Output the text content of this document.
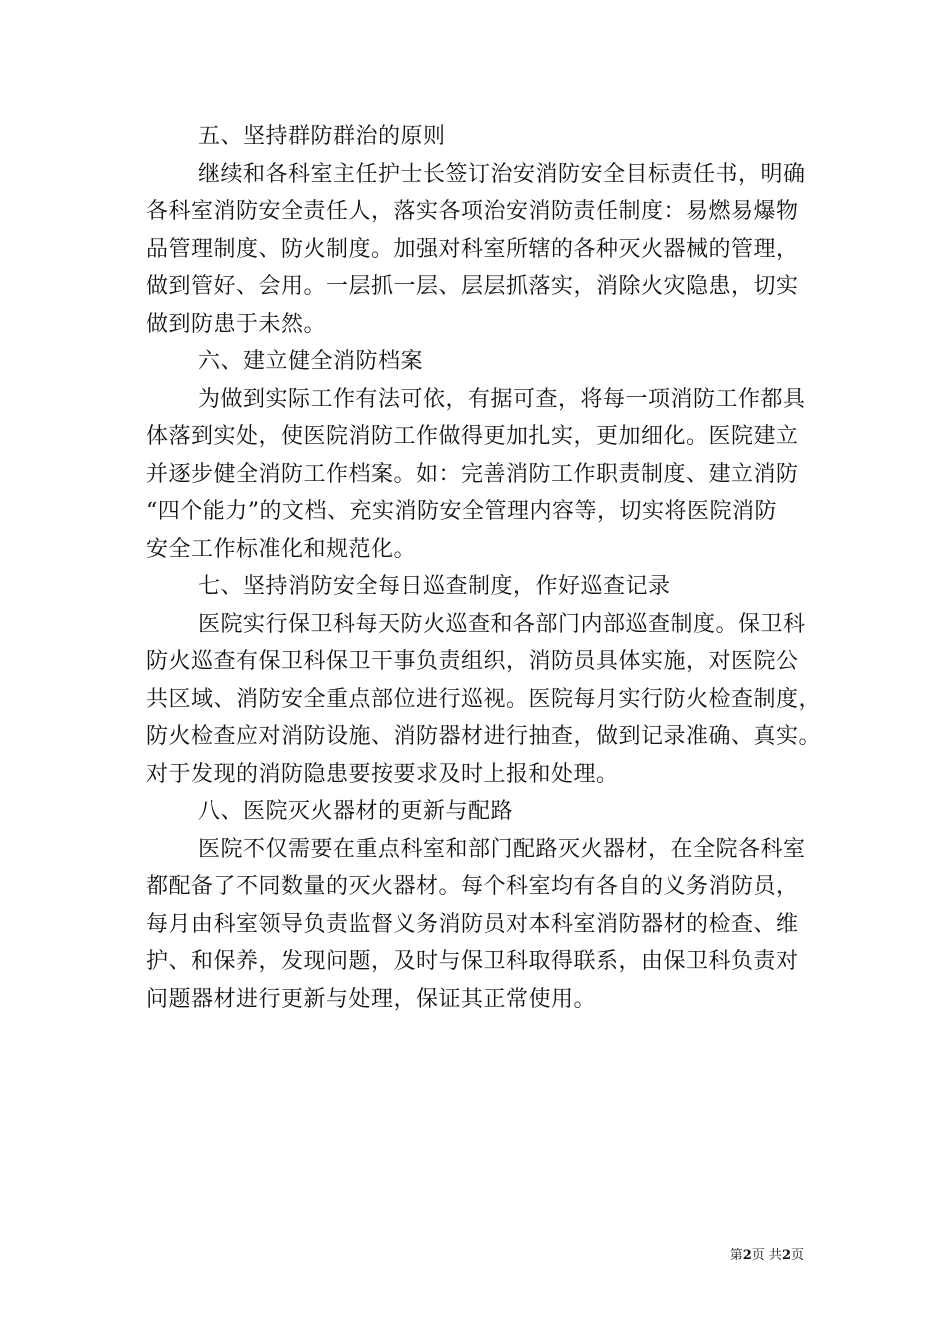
五、坚持群防群治的原则
继续和各科室主任护士长签订治安消防安全目标责任书，明确
各科室消防安全责任人，落实各项治安消防责任制度：易燃易爆物
品管理制度、防火制度。加强对科室所辖的各种灭火器械的管理，
做到管好、会用。一层抓一层、层层抓落实，消除火灾隐患，切实
做到防患于未然。
六、建立健全消防档案
为做到实际工作有法可依，有据可查，将每一项消防工作都具
体落到实处，使医院消防工作做得更加扎实，更加细化。医院建立
并逐步健全消防工作档案。如：完善消防工作职责制度、建立消防
“四个能力”的文档、充实消防安全管理内容等，切实将医院消防
安全工作标准化和规范化。
七、坚持消防安全每日巡查制度，作好巡查记录
医院实行保卫科每天防火巡查和各部门内部巡查制度。保卫科
防火巡查有保卫科保卫干事负责组织，消防员具体实施，对医院公
共区域、消防安全重点部位进行巡视。医院每月实行防火检查制度，
防火检查应对消防设施、消防器材进行抽查，做到记录准确、真实。
对于发现的消防隐患要按要求及时上报和处理。
八、医院灭火器材的更新与配路
医院不仅需要在重点科室和部门配路灭火器材，在全院各科室
都配备了不同数量的灭火器材。每个科室均有各自的义务消防员，
每月由科室领导负责监督义务消防员对本科室消防器材的检查、维
护、和保养，发现问题，及时与保卫科取得联系，由保卫科负责对
问题器材进行更新与处理，保证其正常使用。
第2页 共2页
